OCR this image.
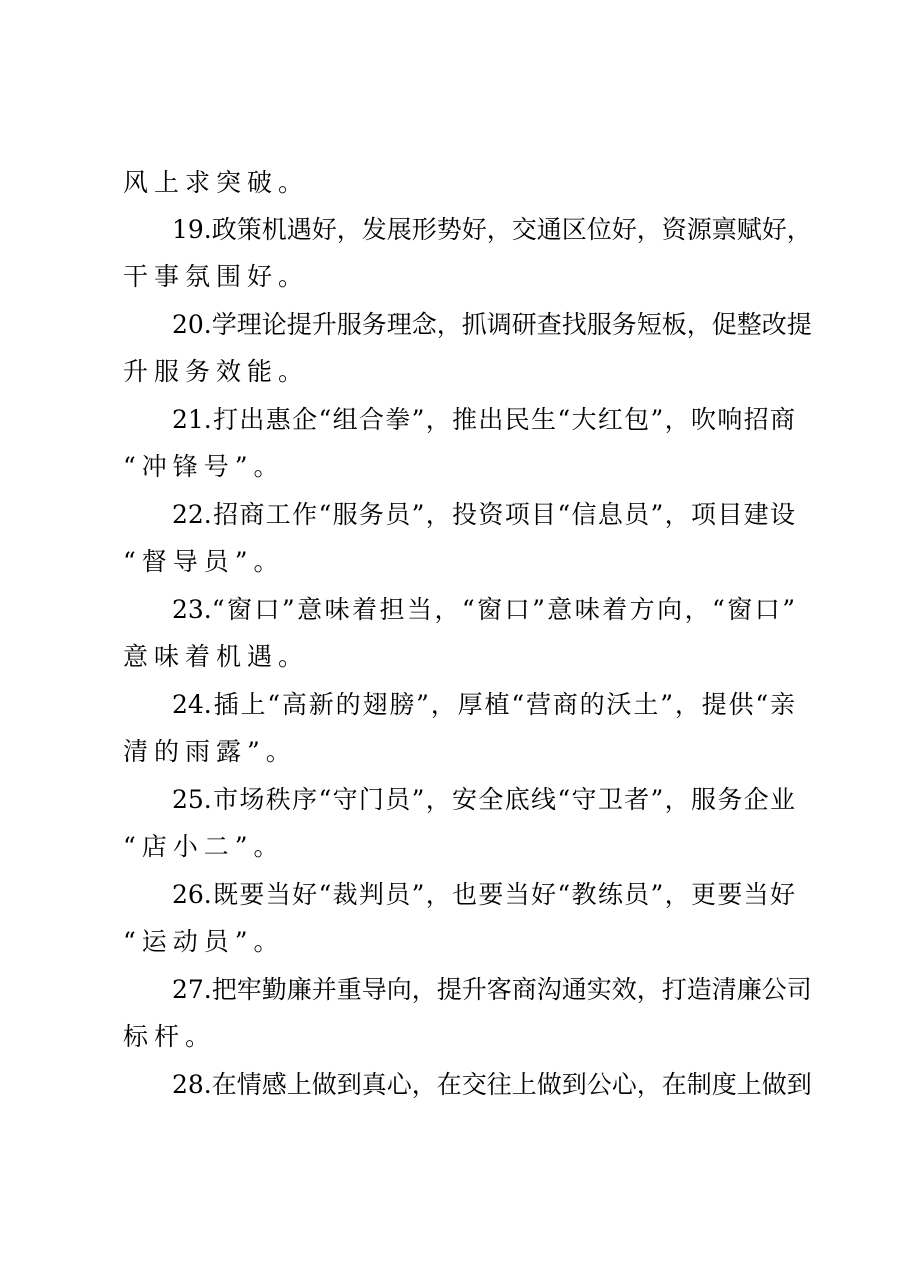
风上求突破。
19.政策机遇好，发展形势好，交通区位好，资源禀赋好，
干事氛围好。
20.学理论提升服务理念，抓调研查找服务短板，促整改提
升服务效能。
21.打出惠企“组合拳”，推出民生“大红包”，吹响招商
“冲锋号”。
22.招商工作“服务员”，投资项目“信息员”，项目建设
“督导员”。
23.“窗口”意味着担当，“窗口”意味着方向，“窗口”
意味着机遇。
24.插上“高新的翅膀”，厚植“营商的沃土”，提供“亲
清的雨露”。
25.市场秩序“守门员”，安全底线“守卫者”，服务企业
“店小二”。
26.既要当好“裁判员”，也要当好“教练员”，更要当好
“运动员”。
27.把牢勤廉并重导向，提升客商沟通实效，打造清廉公司
标杆。
28.在情感上做到真心，在交往上做到公心，在制度上做到
